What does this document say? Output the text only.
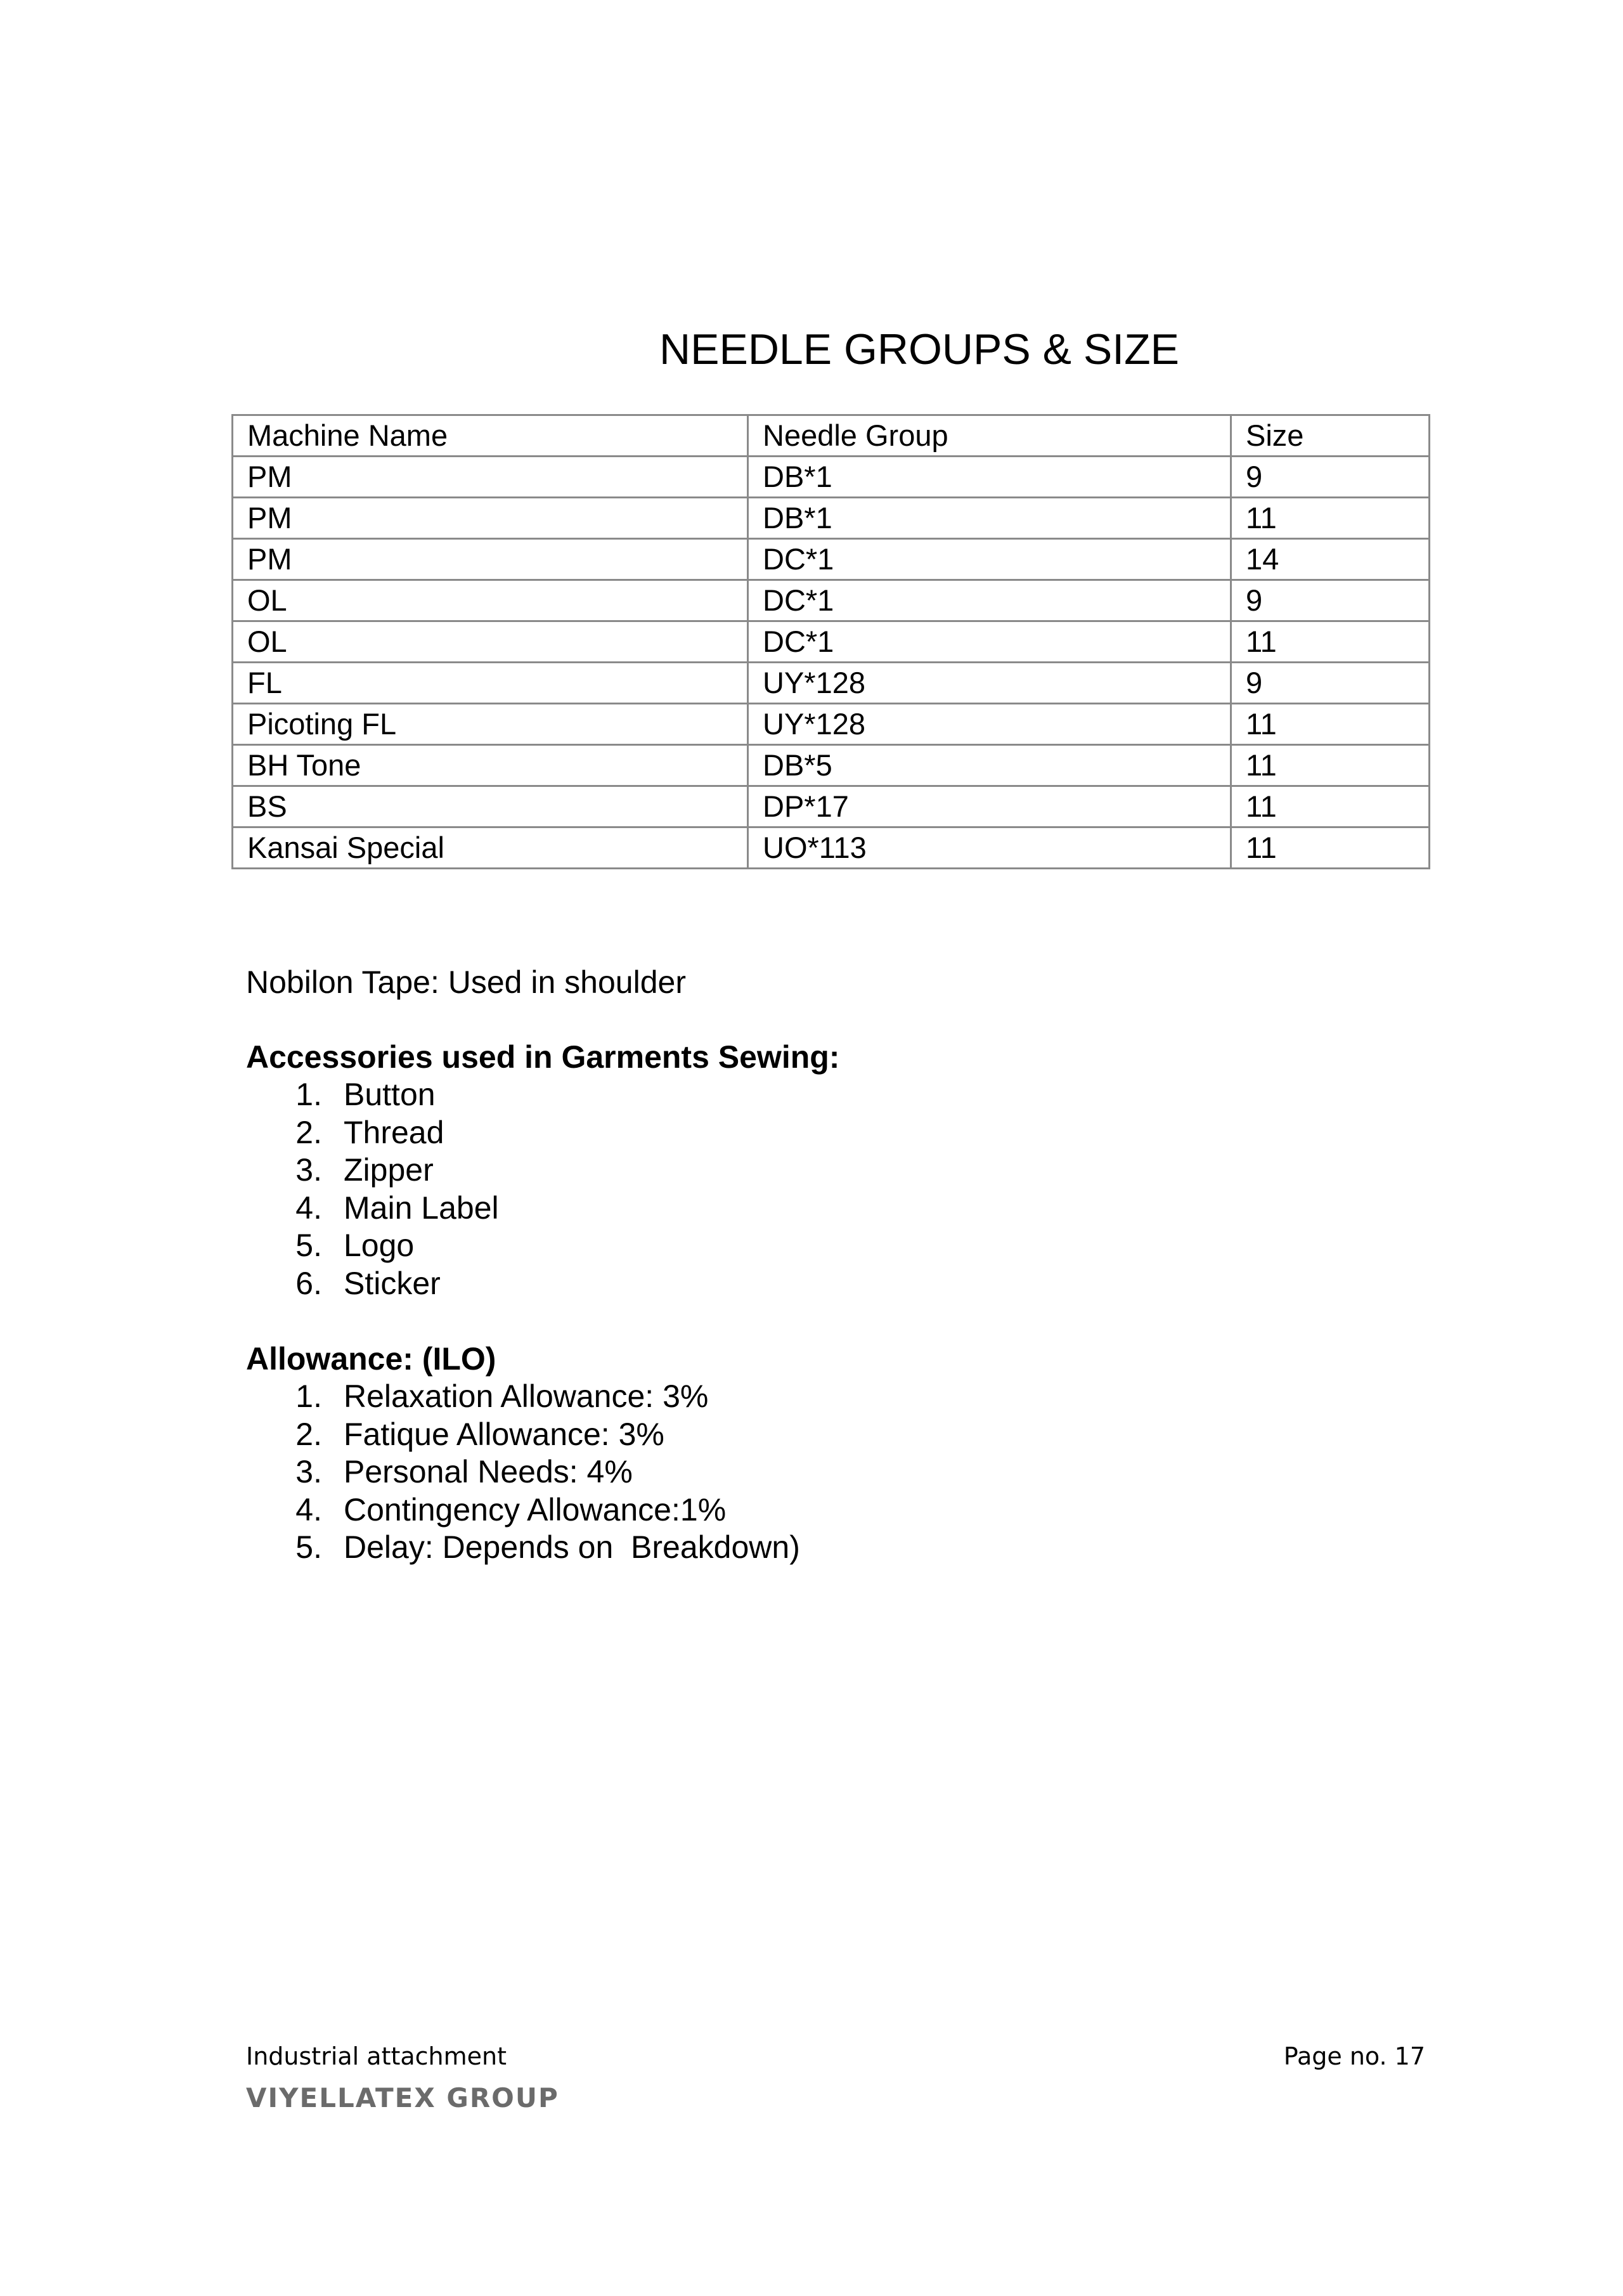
NEEDLE GROUPS & SIZE
Machine Name	Needle Group	Size
PM	DB*1	9
PM	DB*1	11
PM	DC*1	14
OL	DC*1	9
OL	DC*1	11
FL	UY*128	9
Picoting FL	UY*128	11
BH Tone	DB*5	11
BS	DP*17	11
Kansai Special	UO*113	11
Nobilon Tape: Used in shoulder
Accessories used in Garments Sewing:
1. Button
2. Thread
3. Zipper
4. Main Label
5. Logo
6. Sticker
Allowance: (ILO)
1. Relaxation Allowance: 3%
2. Fatique Allowance: 3%
3. Personal Needs: 4%
4. Contingency Allowance:1%
5. Delay: Depends on  Breakdown)
Industrial attachment	Page no. 17
VIYELLATEX GROUP
